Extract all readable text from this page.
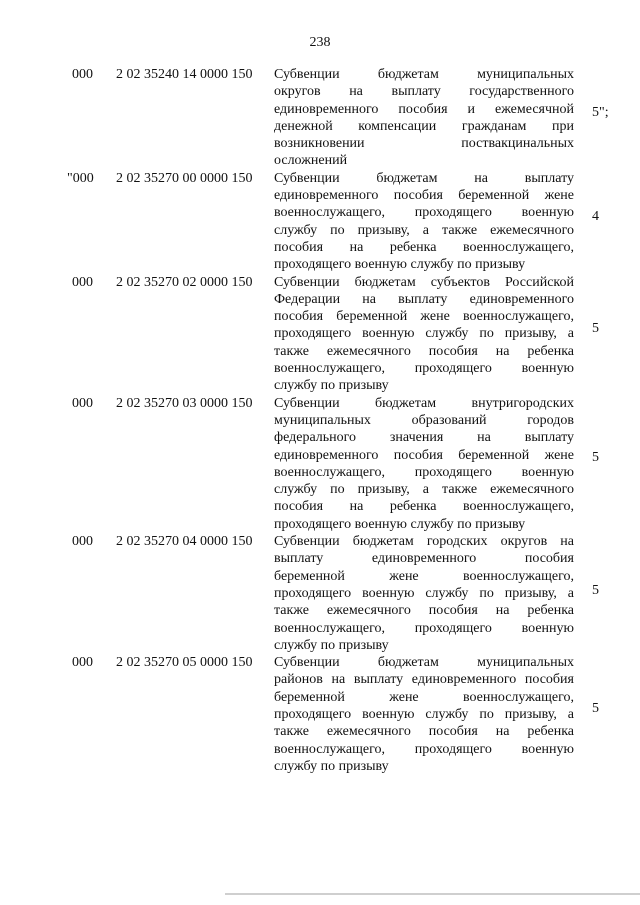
238
000 2 02 35240 14 0000 150	Субвенции бюджетам муниципальных
округов на выплату государственного
единовременного пособия и ежемесячной
денежной компенсации гражданам при
возникновении поствакцинальных
осложнений
5";
"000 2 02 35270 00 0000 150	Субвенции бюджетам на выплату
единовременного пособия беременной жене
военнослужащего, проходящего военную
службу по призыву, а также ежемесячного
пособия на ребенка военнослужащего,
проходящего военную службу по призыву
4
000 2 02 35270 02 0000 150	Субвенции бюджетам субъектов Российской
Федерации на выплату единовременного
пособия беременной жене военнослужащего,
проходящего военную службу по призыву, а
также ежемесячного пособия на ребенка
военнослужащего, проходящего военную
службу по призыву
5
000 2 02 35270 03 0000 150	Субвенции бюджетам внутригородских
муниципальных образований городов
федерального значения на выплату
единовременного пособия беременной жене
военнослужащего, проходящего военную
службу по призыву, а также ежемесячного
пособия на ребенка военнослужащего,
проходящего военную службу по призыву
5
000 2 02 35270 04 0000 150	Субвенции бюджетам городских округов на
выплату единовременного пособия
беременной жене военнослужащего,
проходящего военную службу по призыву, а
также ежемесячного пособия на ребенка
военнослужащего, проходящего военную
службу по призыву
5
000 2 02 35270 05 0000 150	Субвенции бюджетам муниципальных
районов на выплату единовременного пособия
беременной жене военнослужащего,
проходящего военную службу по призыву, а
также ежемесячного пособия на ребенка
военнослужащего, проходящего военную
службу по призыву
5
